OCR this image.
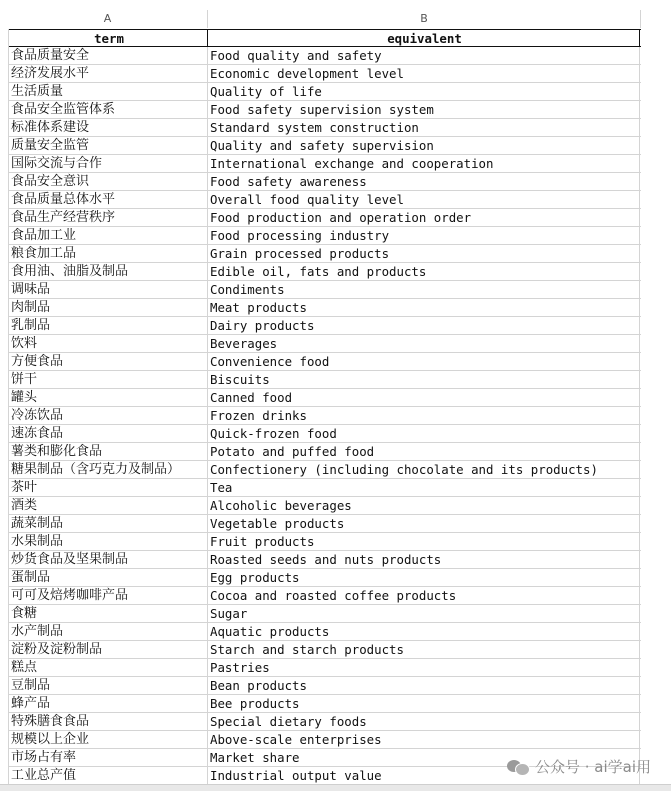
A	B
term	equivalent
食品质量安全	Food quality and safety
经济发展水平	Economic development level
生活质量	Quality of life
食品安全监管体系	Food safety supervision system
标准体系建设	Standard system construction
质量安全监管	Quality and safety supervision
国际交流与合作	International exchange and cooperation
食品安全意识	Food safety awareness
食品质量总体水平	Overall food quality level
食品生产经营秩序	Food production and operation order
食品加工业	Food processing industry
粮食加工品	Grain processed products
食用油、油脂及制品	Edible oil, fats and products
调味品	Condiments
肉制品	Meat products
乳制品	Dairy products
饮料	Beverages
方便食品	Convenience food
饼干	Biscuits
罐头	Canned food
冷冻饮品	Frozen drinks
速冻食品	Quick-frozen food
薯类和膨化食品	Potato and puffed food
糖果制品（含巧克力及制品）	Confectionery (including chocolate and its products)
茶叶	Tea
酒类	Alcoholic beverages
蔬菜制品	Vegetable products
水果制品	Fruit products
炒货食品及坚果制品	Roasted seeds and nuts products
蛋制品	Egg products
可可及焙烤咖啡产品	Cocoa and roasted coffee products
食糖	Sugar
水产制品	Aquatic products
淀粉及淀粉制品	Starch and starch products
糕点	Pastries
豆制品	Bean products
蜂产品	Bee products
特殊膳食食品	Special dietary foods
规模以上企业	Above-scale enterprises
市场占有率	Market share
工业总产值	Industrial output value	公众号 · ai学ai用
